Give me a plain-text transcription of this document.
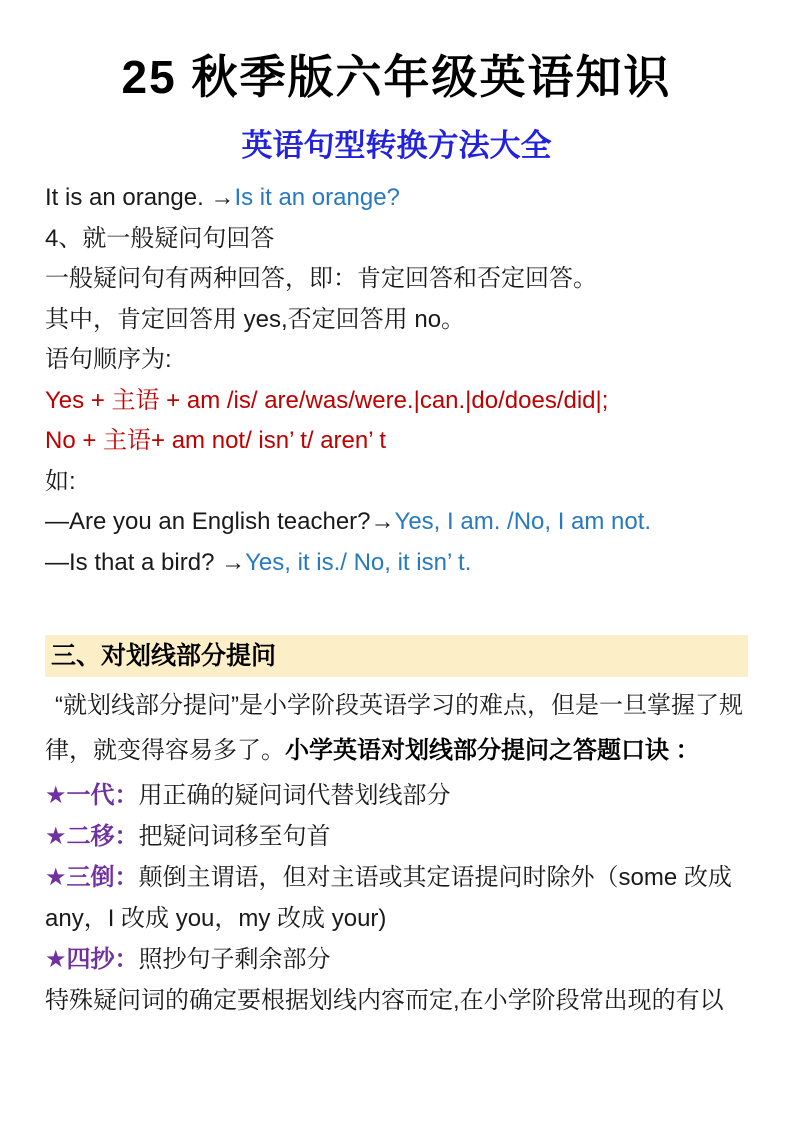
25 秋季版六年级英语知识
英语句型转换方法大全

It is an orange. →Is it an orange?

4、就一般疑问句回答

一般疑问句有两种回答，即：肯定回答和否定回答。

其中，肯定回答用 yes,否定回答用 no。

语句顺序为:

Yes + 主语 + am /is/ are/was/were.|can.|do/does/did|;

No + 主语+ am not/ isn’ t/ aren’ t

如:

—Are you an English teacher?→Yes, I am. /No, I am not.

—Is that a bird? →Yes, it is./ No, it isn’ t.

三、对划线部分提问

“就划线部分提问”是小学阶段英语学习的难点，但是一旦掌握了规律，就变得容易多了。小学英语对划线部分提问之答题口诀 ：

★一代：用正确的疑问词代替划线部分

★二移：把疑问词移至句首

★三倒：颠倒主谓语，但对主语或其定语提问时除外（some 改成 any，I 改成 you，my 改成 your)

★四抄：照抄句子剩余部分

特殊疑问词的确定要根据划线内容而定,在小学阶段常出现的有以
